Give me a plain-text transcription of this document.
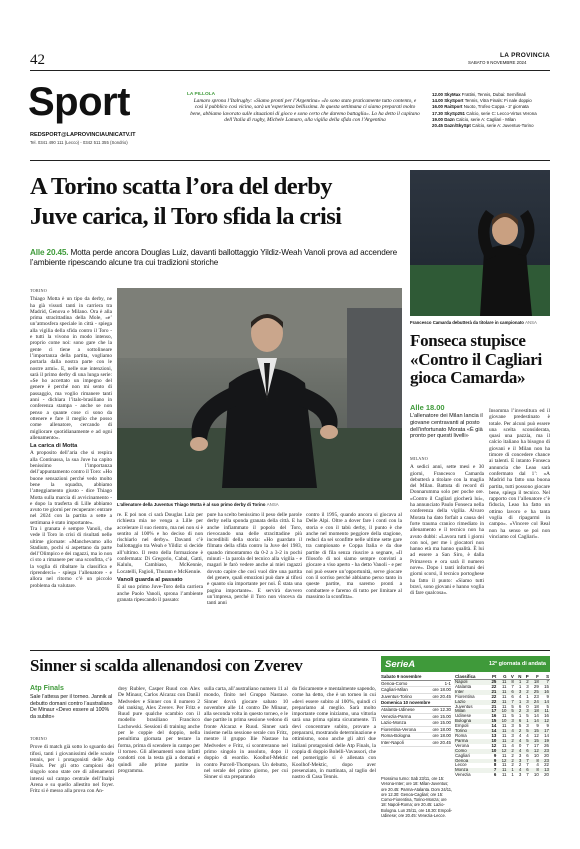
42	LA PROVINCIA
SABATO 9 NOVEMBRE 2024
Sport
REDSPORT@LAPROVINCIAUNICATV.IT
Tel. 0341 490 111 (Lecco) - 0342 511 355 (Sondrio)
LA PILLOLA
Lamaro sprona l’Italrugby: «Siamo pronti per l’Argentina» «Io sono stato praticamente tutto contento, e così il pubblico così vicino, sarà un’esperienza bellissima. In questa settimana ci siamo preparati molto bene, abbiamo lavorato sulle situazioni di gioco e sono certo che daremo battaglia». Lo ha detto il capitano dell’Italia di rugby, Michele Lamaro, alla vigilia della sfida con l’Argentina
12.00 SkyMax Frattini, Tennis, Dubai: Semifinali
14.00 SkySport Tennis, Vitra Finals: Fi nale doppio
16.00 RaiSport Nuoto, Trofeo Coppa - 2’ giornata
17.30 SkySp251 Calcio, serie C: Lecco-Virtus Verona
19.00 Dazn Calcio, serie A: Cagliari - Milan
20.45 Dazn/SkySpt Calcio, serie A: Juventus-Torino
A Torino scatta l’ora del derby
Juve carica, il Toro sfida la crisi
Alle 20.45. Motta perde ancora Douglas Luiz, davanti ballottaggio Yildiz-Weah Vanoli prova ad accendere l’ambiente ripescando alcune tra cui tradizioni storiche
L’allenatore della Juventus Thiago Motta è al suo primo derby di Torino ANSA
TORINO

Thiago Motta è un tipo da derby, ne ha già vissuti tanti in carriera tra Madrid, Genova e Milano. Ora è alla prima stracittadina della Mole, «e’ un’atmosfera speciale in città - spiega alla vigilia della sfida contro il Toro - e tutti la vivono in modo intenso, proprio come noi: sono gare che la gente ci tiene a sottolineare l’importanza della partita, vogliamo portarla dalla nostra parte con le nostre armi». E, nelle sue intenzioni, sarà il primo derby di una lunga serie: «Se ho accettato un impegno del genere è perché non mi sento di passaggio, ma voglio rimanere tanti anni - dichiara l’italo-brasiliano in conferenza stampa - anche se non penso a quante cose ci sono da ottenere e fare il meglio che posso come allenatore, cercando di migliorare quotidianamente e ad ogni allenamento».

La carica di Motta

A proposito dell’aria che si respira alla Continassa, la sua Juve ha capito benissimo l’importanza dell’appuntamento contro il Toro: «Ho buone sensazioni perché vedo molto bene la squadra, abbiamo l’atteggiamento giusto - dice Thiago Motta sulla marcia di avvicinamento - e dopo la trasferta di Lille abbiamo avuto tre giorni per recuperare: entrare nel 2024 con la partita a sette a settimana è stato importante».

Tra i granata è sempre Vanoli, che vede il Toro in crisi di risultati nelle ultime giornate: «Manchevamo allo Stadium, pochi si aspettano da parte dell’Olimpico e dei ragazzi, ma io non ci sto a rimanere per una sconfitta, c’è la voglia di ribaltare la classifica e riprenderci» - spiega l’allenatore - e allora nel ritorno c’è un piccolo problema da valutare.

re. E poi non ci sarà Douglas Luiz per richiesta mia ne venga a Lille per accelerare il suo rientro, ma nei non si è sentito al 100% e ho deciso di non rischiarlo nel derby». Davanti c’è ballottaggio tra Weah e Yildiz: si decide all’ultimo. Il resto della formazione è confermata: Di Gregorio, Cabal, Gatti, Kalulu, Cambiaso, McKennie, Locatelli, Fagioli, Thuram e McKennie.

Vanoli guarda al passato

E al suo primo Juve-Toro della carriera anche Paolo Vanoli, sprona l’ambiente granata ripescando il passato:

pure ha scelto benissimo il peso delle parole derby nella sponda granata della città. E ha anche infiammato il popolo del Toro, rievocando una delle stracittadine più incredibili della storia: «Ho guardato il filmato della sfida contro la Juve del 1983, quando rimontammo da 0-2 a 3-2 in pochi minuti - la parola del tecnico alla vigilia - e magari le farò vedere anche ai miei ragazzi dovuto capire che così vuol dire una partita del genere, quali emozioni può dare ai tifosi e quanto sia importante per noi. È stata una pagina importante». E servirà davvero un’impresa, perché il Toro non vinceva da tanti anni

contro il 1995, quando ancora si giocava al Delle Alpi. Oltre a dover fare i conti con la storia e con il tabù derby, il punto è che anche nel momento peggiore della stagione, reduci da sei sconfitte nelle ultime sette gare tra campionato e Coppa Italia e da due partite di fila senza riuscire a segnare, «Il filosofo di noi siamo sempre convinti a giocare a viso aperto - ha detto Vanoli - e per noi può essere un’opportunità, serve giocare con il sorriso perché abbiamo perso tanto in queste partite, ma saremo pronti a combattere e faremo di tutto per limitare al massimo la sconfitta».

Francesco Camarda debutterà da titolare in campionato ANSA
Fonseca stupisce «Contro il Cagliari gioca Camarda»
Alle 18.00
L’allenatore dei Milan lancia il giovane centravanti al posto dell’infortunato Morata «È già pronto per questi livelli»
MILANO

A sedici anni, sette mesi e 30 giorni, Francesco Camarda debutterà a titolare con la maglia del Milan. Battuta di record di Donnarumma solo per poche ore. «Contro il Cagliari giocherà lui», ha annunciato Paulo Fonseca nella conferenza della vigilia. Alvaro Morata ha dato forfait a causa del forte trauma cranico rimediato in allenamento e il tecnico non ha avuto dubbi: «Lavora tutti i giorni con noi, per me i giocatori non hanno età ma hanno qualità. È lui ad essere a San Siro, è dalla Primavera e ora sarà il numero nove». Dopo i tanti infortuni dei giorni scorsi, il tecnico portoghese ha fatto il punto: «Siamo tutti bravi, sono giovani e hanno voglia di fare qualcosa».

Insomma l’investitura ed il giovane predestinato è totale. Per alcuni può essere una scelta sconsiderata, quasi una pazzia, ma il calcio italiano ha bisogno di giovani e il Milan non ha timore di concedere chance ai talenti. E intanto Fonseca annuncia che Leao sarà confermato dal 1’: «A Madrid ha fatto una buona partita, tutti possono giocare bene, spiega il tecnico. Nel rapporto con l’allenatore c’è fiducia, Leao ha fatto un ottimo lavoro e ha tanta voglia di ripagarmi in campo». «Vincere col Real non ha senso se poi non vinciamo col Cagliari».

Sinner si scalda allenandosi con Zverev
Atp Finals
Sale l’attesa per il torneo. Jannik al debutto domani contro l’australiano De Minaur «Devo essere al 100% da subito»
TORINO

Prove di match già sotto lo sguardo dei tifosi, tanti i giovanissimi delle scuole tennis, per i protagonisti delle Atp Finals. Per gli otto campioni del singolo sono state ore di allenamenti intensi sul campo centrale dell’Inalpi Arena e su quello allestito nel foyer. Fritz si è messo alla prova con An-

drey Rublev, Casper Ruud con Alex De Minaur, Carlos Alcaraz con Daniil Medvedev e Sinner con il numero 2 del ranking, Alex Zverev. Per Fritz e Ruud pure qualche scambio con il modello brasiliano Francisco Lachowski. Sessioni di training anche per le coppie del doppio, nella penultima giornata per testare la forma, prima di scendere in campo per il torneo. Gli allenamenti sono infatti condotti con la testa già a domani e quindi alle prime partite in programma.

sulla carta, all’australiano numero 11 al mondo, finito nel Gruppo Nastase. Sinner dovrà giocare sabato 10 novembre alle 14 contro De Minaur, alla seconda volta in questo torneo, e le due partite in prima sessione vedono di fronte Alcaraz e Ruud. Sinner sarà insieme nella sessione serale con Fritz, mentre il gruppo Ilie Nastase ha Medvedev e Fritz, si scontreranno nel primo singolo in assoluto, dopo il doppio di esordio. Koolhof-Mektic contro Purcell-Thompson. Un debutto, nel serale del primo giorno, per cui Sinner si sta preparando

do fisicamente e mentalmente sapendo, come ha detto, che è un torneo in cui «devi essere subito al 100%, quindi ci prepariamo al meglio. Sarà molto importante come iniziamo, una vittoria sarà una prima spinta sicuramente. Ti devi concentrare subito, provare a prepararsi, mostrando determinazione e ottimismo, sono anche gli altri due italiani protagonisti delle Atp Finals, la coppia di doppio Bolelli-Vavassori, che nel pomeriggio si è allenata con Koolhof-Mektic, dopo aver presenziato, in mattinata, al taglio del nastro di Casa Tennis.

SerieA	12ª giornata di andata
Sabato 9 novembre
Genoa-Como	1-1
Cagliari-Milan	ore 18.00
Juventus-Torino	ore 20.45
Domenica 10 novembre
Atalanta-Udinese	ore 12.30
Venezia-Parma	ore 15.00
Lazio-Monza	ore 15.00
Fiorentina-Verona	ore 18.00
Roma-Bologna	ore 18.00
Inter-Napoli	ore 20.45
Classifica	Pt	G	V	N	P	F	S
Napoli	25	11	8	1	2	18	7
Atalanta	22	11	7	1	3	29	15
Inter	21	11	6	3	2	25	16
Fiorentina	22	11	6	4	1	23	9
Lazio	22	11	7	1	3	24	14
Juventus	21	11	5	6	0	18	5
Milan	17	10	5	2	3	18	11
Udinese	16	11	5	1	5	14	16
Bologna	15	10	3	6	1	14	12
Empoli	14	11	3	5	3	9	9
Torino	14	11	4	2	5	15	17
Roma	13	11	3	4	4	12	14
Parma	10	11	2	4	5	15	19
Verona	12	11	4	0	7	17	26
Como	10	12	2	4	6	12	23
Cagliari	9	11	2	3	6	10	20
Genoa	9	12	2	3	7	8	23
Lecce	8	11	2	2	7	4	22
Monza	7	11	1	4	6	8	13
Venezia	6	11	1	3	7	10	20
Prossimo turno: Sab 23/11, ore 15: Verona-Inter; ore 18: Milan-Juventus; ore 20.45: Parma-Atalanta. Dom 24/11, ore 12.30: Genoa-Cagliari; ore 15: Como-Fiorentina, Torino-Monza; ore 18: Napoli-Roma; ore 20.45: Lazio-Bologna. Lun 25/11, ore 18.30: Empoli-Udinese; ore 20.45: Venezia-Lecce.
